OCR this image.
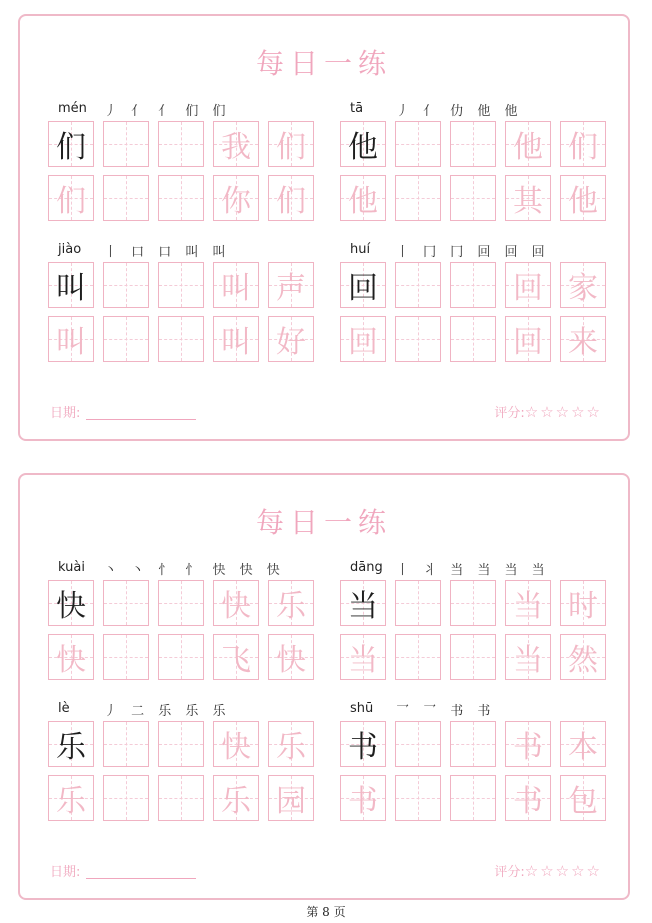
每日一练
mén 丿 亻 亻 们 们
们	我 们
们	你 们
tā	丿 亻 仂 他 他
他	他 们
他	其 他
jiào 丨 口 口 叫 叫
叫	叫 声
叫	叫 好
huí 丨 冂 冂 回 回 回
回	回 家
回	回 来
日期:	评分:☆☆☆☆☆
每日一练
kuài 丶 丶 忄 忄 快 快 快
快	快 乐
快	飞 快
dāng 丨 丬 当 当 当 当
当	当 时
当	当 然
lè	丿 二 乐 乐 乐
乐	快 乐
乐	乐 园
shū 乛 乛 书 书
书	书 本
书	书 包
日期:	评分:☆☆☆☆☆
第 8 页
